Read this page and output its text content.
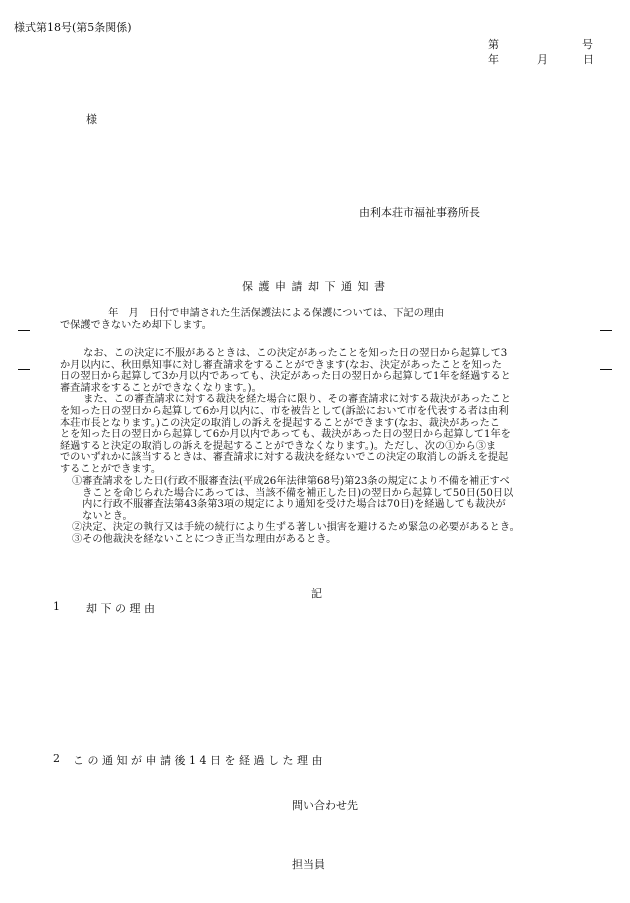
様式第18号(第5条関係)
第	号
年	月	日
様
由利本荘市福祉事務所長
保 護 申 請 却 下 通 知 書
　年　月　日付で申請された生活保護法による保護については、下記の理由
で保護できないため却下します。
　なお、この決定に不服があるときは、この決定があったことを知った日の翌日から起算して3
か月以内に、秋田県知事に対し審査請求をすることができます(なお、決定があったことを知った
日の翌日から起算して3か月以内であっても、決定があった日の翌日から起算して1年を経過すると
審査請求をすることができなくなります。)。
　また、この審査請求に対する裁決を経た場合に限り、その審査請求に対する裁決があったこと
を知った日の翌日から起算して6か月以内に、市を被告として(訴訟において市を代表する者は由利
本荘市長となります。)この決定の取消しの訴えを提起することができます(なお、裁決があったこ
とを知った日の翌日から起算して6か月以内であっても、裁決があった日の翌日から起算して1年を
経過すると決定の取消しの訴えを提起することができなくなります。)。ただし、次の①から③ま
でのいずれかに該当するときは、審査請求に対する裁決を経ないでこの決定の取消しの訴えを提起
することができます。
①審査請求をした日(行政不服審査法(平成26年法律第68号)第23条の規定により不備を補正すべ
　きことを命じられた場合にあっては、当該不備を補正した日)の翌日から起算して50日(50日以
　内に行政不服審査法第43条第3項の規定により通知を受けた場合は70日)を経過しても裁決が
　ないとき。
②決定、決定の執行又は手続の続行により生ずる著しい損害を避けるため緊急の必要があるとき。
③その他裁決を経ないことにつき正当な理由があるとき。
記
1 却 下 の 理 由
2 こ の 通 知 が 申 請 後 1 4 日 を 経 過 し た 理 由
問い合わせ先
担当員
